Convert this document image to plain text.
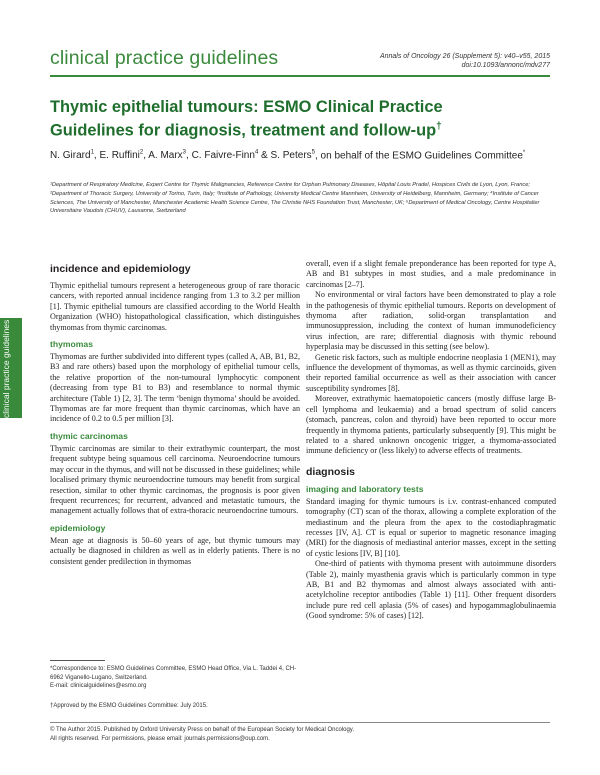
clinical practice guidelines	Annals of Oncology 26 (Supplement 5): v40–v55, 2015
doi:10.1093/annonc/mdv277
Thymic epithelial tumours: ESMO Clinical Practice Guidelines for diagnosis, treatment and follow-up†
N. Girard$^1$, E. Ruffini$^2$, A. Marx$^3$, C. Faivre-Finn$^4$ & S. Peters$^5$, on behalf of the ESMO Guidelines Committee*
¹Department of Respiratory Medicine, Expert Centre for Thymic Malignancies, Reference Centre for Orphan Pulmonary Diseases, Hôpital Louis Pradel, Hospices Civils de Lyon, Lyon, France; ²Department of Thoracic Surgery, University of Torino, Turin, Italy; ³Institute of Pathology, University Medical Centre Mannheim, University of Heidelberg, Mannheim, Germany; ⁴Institute of Cancer Sciences, The University of Manchester, Manchester Academic Health Science Centre, The Christie NHS Foundation Trust, Manchester, UK; ⁵Department of Medical Oncology, Centre Hospitalier Universitaire Vaudois (CHUV), Lausanne, Switzerland
clinical practice guidelines
incidence and epidemiology

Thymic epithelial tumours represent a heterogeneous group of rare thoracic cancers, with reported annual incidence ranging from 1.3 to 3.2 per million [1]. Thymic epithelial tumours are classified according to the World Health Organization (WHO) histopathological classification, which distinguishes thymomas from thymic carcinomas.

thymomas

Thymomas are further subdivided into different types (called A, AB, B1, B2, B3 and rare others) based upon the morphology of epithelial tumour cells, the relative proportion of the non-tumoural lymphocytic component (decreasing from type B1 to B3) and resemblance to normal thymic architecture (Table 1) [2, 3]. The term ‘benign thymoma’ should be avoided. Thymomas are far more frequent than thymic carcinomas, which have an incidence of 0.2 to 0.5 per million [3].

thymic carcinomas

Thymic carcinomas are similar to their extrathymic counterpart, the most frequent subtype being squamous cell carcinoma. Neuroendocrine tumours may occur in the thymus, and will not be discussed in these guidelines; while localised primary thymic neuroendocrine tumours may benefit from surgical resection, similar to other thymic carcinomas, the prognosis is poor given frequent recurrences; for recurrent, advanced and metastatic tumours, the management actually follows that of extra-thoracic neuroendocrine tumours.

epidemiology

Mean age at diagnosis is 50–60 years of age, but thymic tumours may actually be diagnosed in children as well as in elderly patients. There is no consistent gender predilection in thymomas

overall, even if a slight female preponderance has been reported for type A, AB and B1 subtypes in most studies, and a male predominance in carcinomas [2–7].

No environmental or viral factors have been demonstrated to play a role in the pathogenesis of thymic epithelial tumours. Reports on development of thymoma after radiation, solid-organ transplantation and immunosuppression, including the context of human immunodeficiency virus infection, are rare; differential diagnosis with thymic rebound hyperplasia may be discussed in this setting (see below).

Genetic risk factors, such as multiple endocrine neoplasia 1 (MEN1), may influence the development of thymomas, as well as thymic carcinoids, given their reported familial occurrence as well as their association with cancer susceptibility syndromes [8].

Moreover, extrathymic haematopoietic cancers (mostly diffuse large B-cell lymphoma and leukaemia) and a broad spectrum of solid cancers (stomach, pancreas, colon and thyroid) have been reported to occur more frequently in thymoma patients, particularly subsequently [9]. This might be related to a shared unknown oncogenic trigger, a thymoma-associated immune deficiency or (less likely) to adverse effects of treatments.

diagnosis
imaging and laboratory tests

Standard imaging for thymic tumours is i.v. contrast-enhanced computed tomography (CT) scan of the thorax, allowing a complete exploration of the mediastinum and the pleura from the apex to the costodiaphragmatic recesses [IV, A]. CT is equal or superior to magnetic resonance imaging (MRI) for the diagnosis of mediastinal anterior masses, except in the setting of cystic lesions [IV, B] [10].

One-third of patients with thymoma present with autoimmune disorders (Table 2), mainly myasthenia gravis which is particularly common in type AB, B1 and B2 thymomas and almost always associated with anti-acetylcholine receptor antibodies (Table 1) [11]. Other frequent disorders include pure red cell aplasia (5% of cases) and hypogammaglobulinaemia (Good syndrome: 5% of cases) [12].

*Correspondence to: ESMO Guidelines Committee, ESMO Head Office, Via L. Taddei 4, CH-6962 Viganello-Lugano, Switzerland.
E-mail: clinicalguidelines@esmo.org
†Approved by the ESMO Guidelines Committee: July 2015.
© The Author 2015. Published by Oxford University Press on behalf of the European Society for Medical Oncology.
All rights reserved. For permissions, please email: journals.permissions@oup.com.
